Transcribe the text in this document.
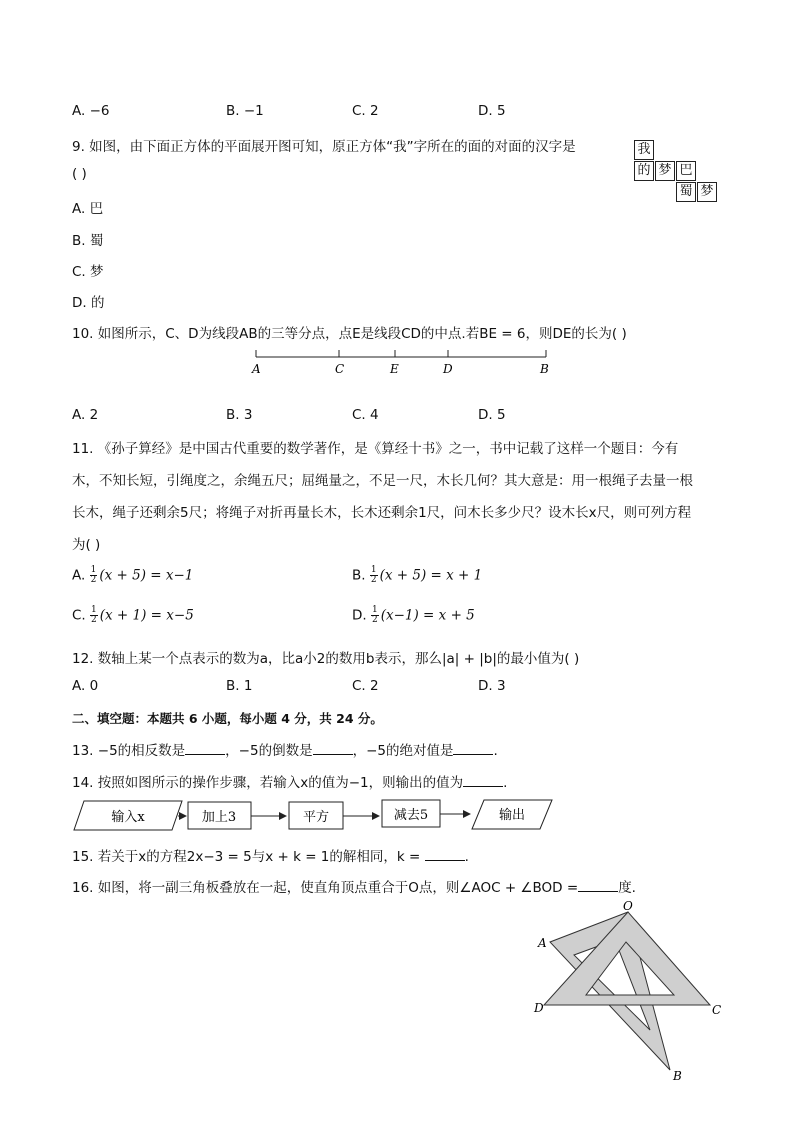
A. −6	B. −1	C. 2	D. 5
9. 如图，由下面正方体的平面展开图可知，原正方体“我”字所在的面的对面的汉字是
( )
A. 巴
B. 蜀
C. 梦
D. 的
我
的 梦 巴
蜀 梦
10. 如图所示，C、D为线段AB的三等分点，点E是线段CD的中点.若BE = 6，则DE的长为( )
A	C	E	D	B
A. 2	B. 3	C. 4	D. 5
11. 《孙子算经》是中国古代重要的数学著作，是《算经十书》之一，书中记载了这样一个题目：今有
木，不知长短，引绳度之，余绳五尺；屈绳量之，不足一尺，木长几何？其大意是：用一根绳子去量一根
长木，绳子还剩余5尺；将绳子对折再量长木，长木还剩余1尺，问木长多少尺？设木长x尺，则可列方程
为( )
A. $\frac{1}{2} (x + 5) = x-1$	B. $\frac{1}{2} (x + 5) = x + 1$
C. $\frac{1}{2} (x + 1) = x-5$	D. $\frac{1}{2} (x-1) = x + 5$
12. 数轴上某一个点表示的数为a，比a小2的数用b表示，那么|a| + |b|的最小值为( )
A. 0	B. 1	C. 2	D. 3
二、填空题：本题共 6 小题，每小题 4 分，共 24 分。
13. −5的相反数是	，−5的倒数是	，−5的绝对值是	.
14. 按照如图所示的操作步骤，若输入x的值为−1，则输出的值为	.
输入x	加上3	平方	减去5	输出
15. 若关于x的方程2x−3 = 5与x + k = 1的解相同，k =	.
16. 如图，将一副三角板叠放在一起，使直角顶点重合于O点，则∠AOC + ∠BOD =	度.
O
A
D	C
B
